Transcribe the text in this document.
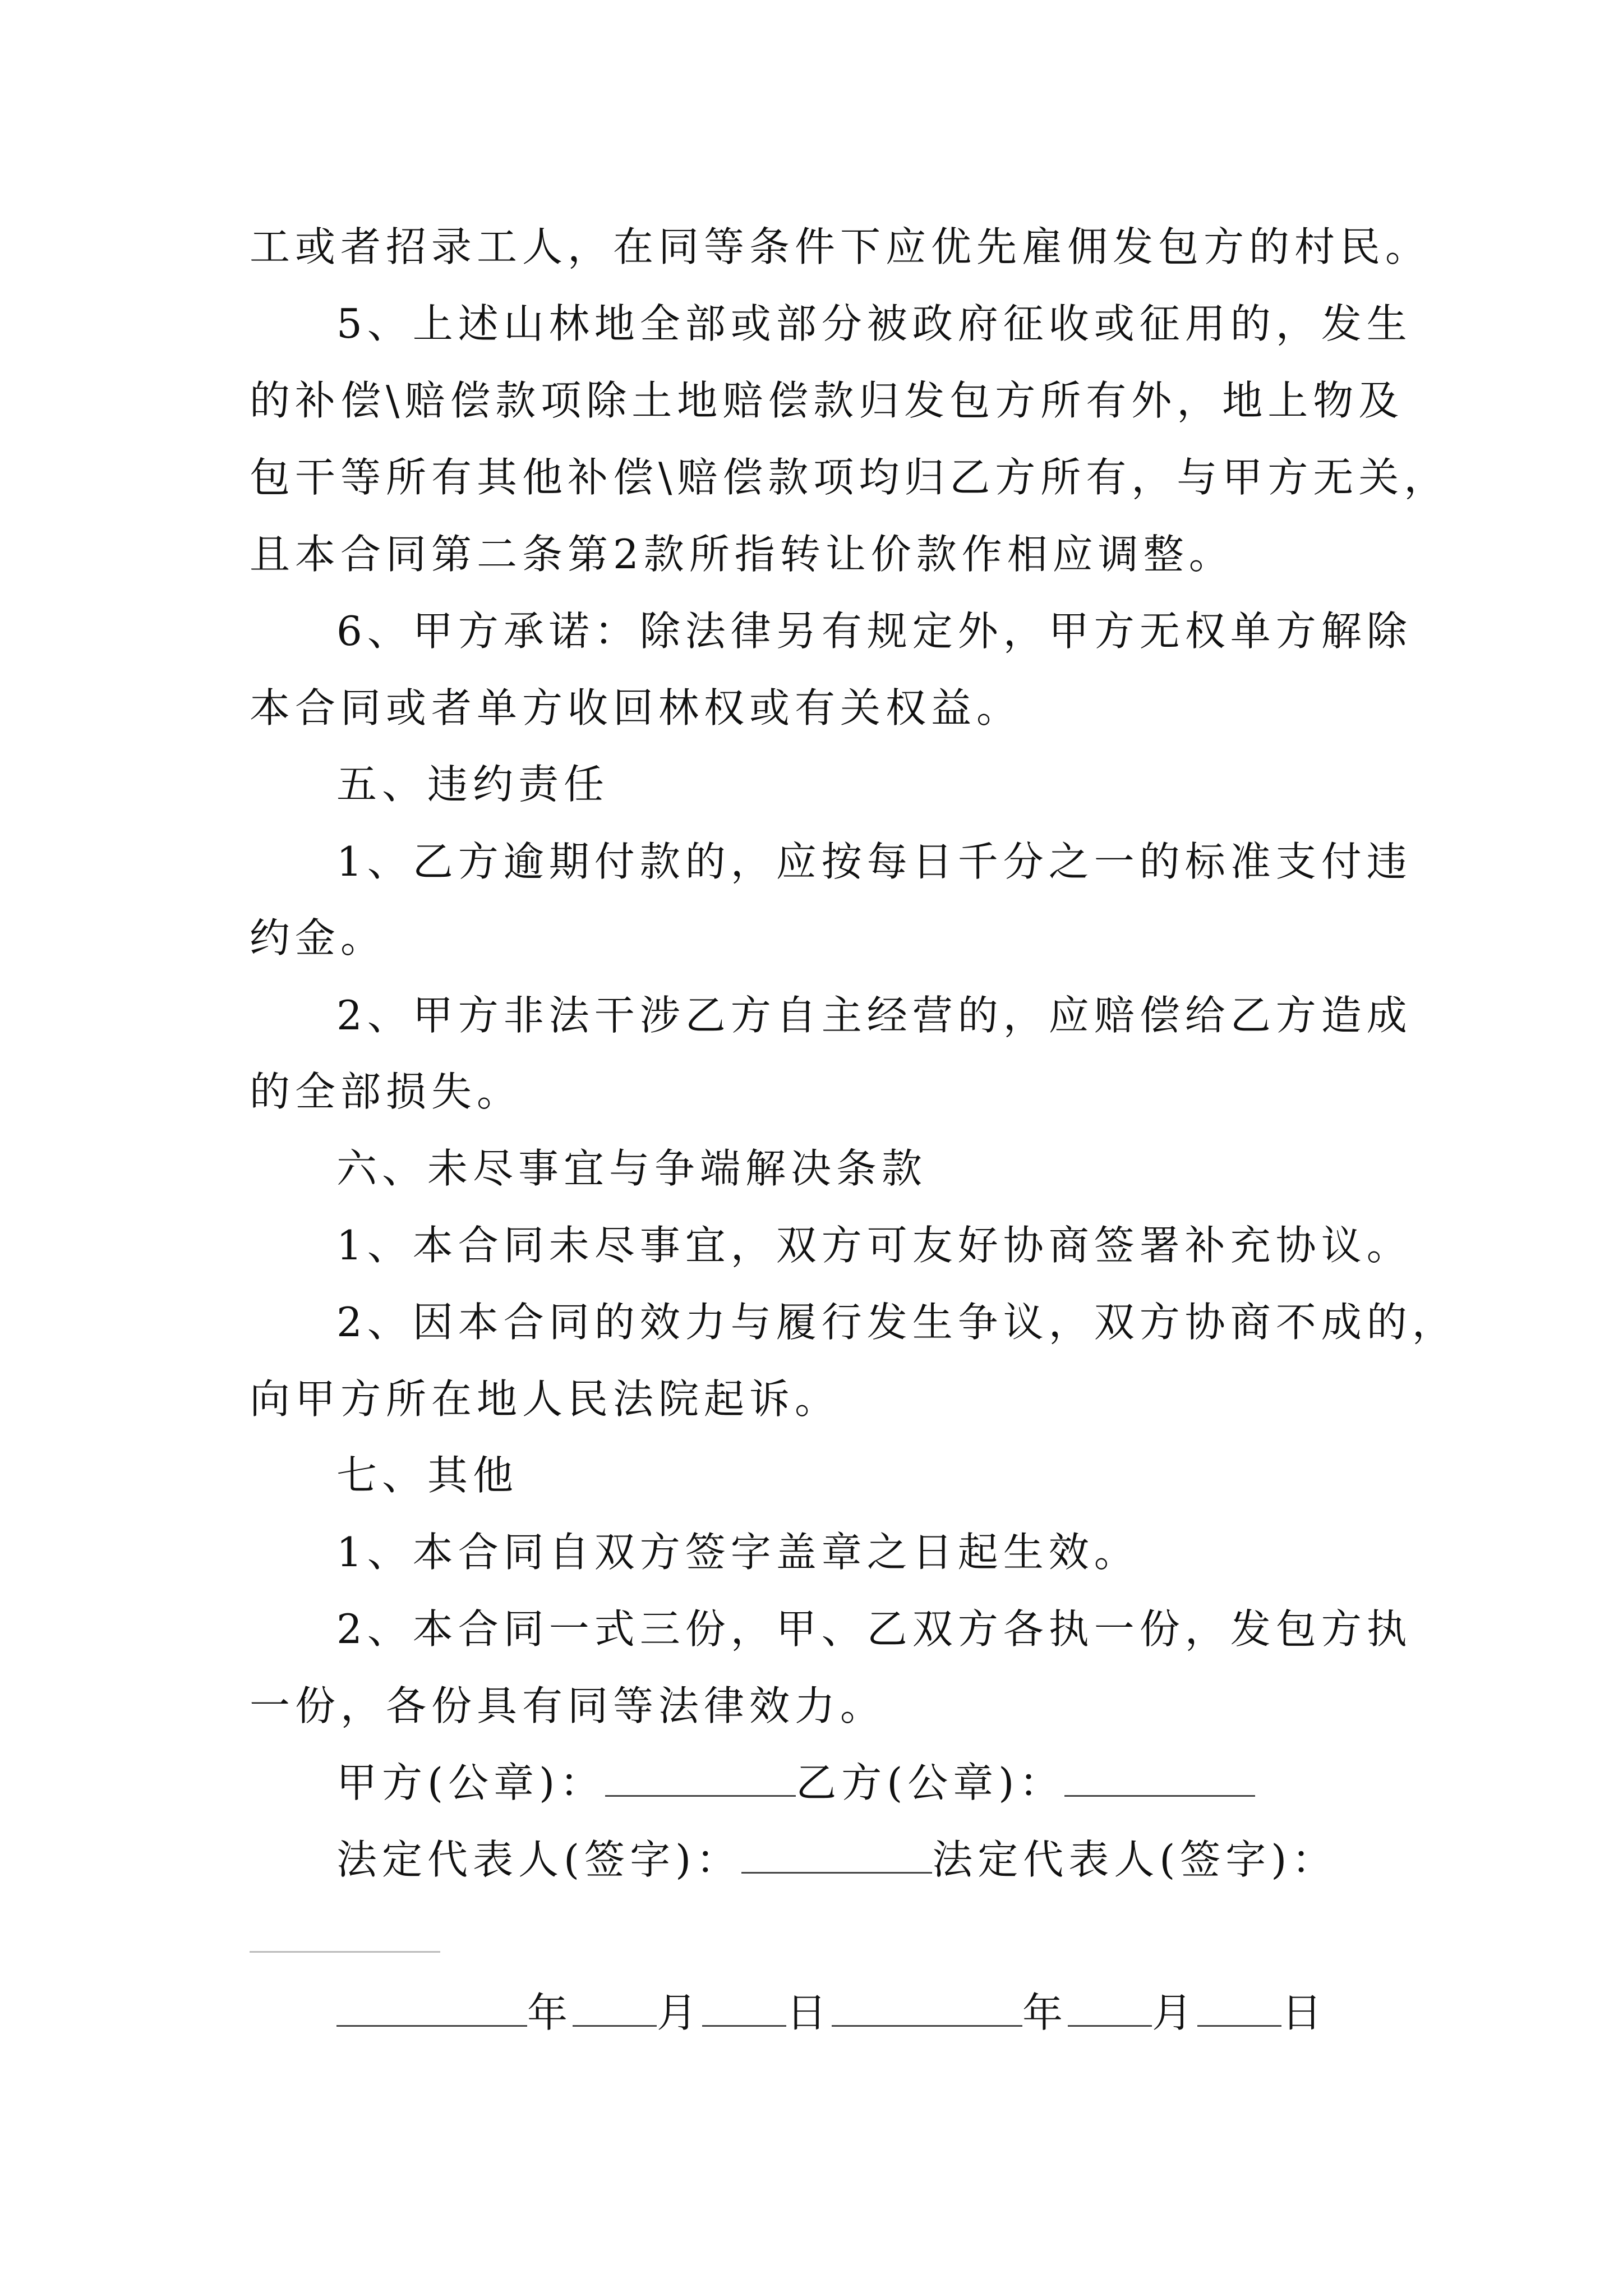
工或者招录工人，在同等条件下应优先雇佣发包方的村民。
5、上述山林地全部或部分被政府征收或征用的，发生
的补偿\赔偿款项除土地赔偿款归发包方所有外，地上物及
包干等所有其他补偿\赔偿款项均归乙方所有，与甲方无关，
且本合同第二条第2款所指转让价款作相应调整。
6、甲方承诺：除法律另有规定外，甲方无权单方解除
本合同或者单方收回林权或有关权益。
五、违约责任
1、乙方逾期付款的，应按每日千分之一的标准支付违
约金。
2、甲方非法干涉乙方自主经营的，应赔偿给乙方造成
的全部损失。
六、未尽事宜与争端解决条款
1、本合同未尽事宜，双方可友好协商签署补充协议。
2、因本合同的效力与履行发生争议，双方协商不成的，
向甲方所在地人民法院起诉。
七、其他
1、本合同自双方签字盖章之日起生效。
2、本合同一式三份，甲、乙双方各执一份，发包方执
一份，各份具有同等法律效力。
甲方(公章)：	乙方(公章)：
法定代表人(签字)：	法定代表人(签字)：
年 月 日	年 月 日
